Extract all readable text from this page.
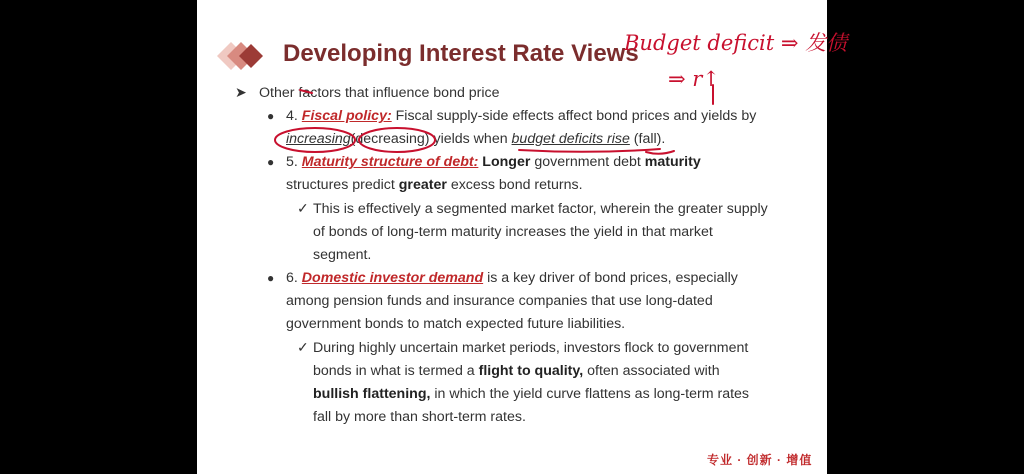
Developing Interest Rate Views
➤ Other factors that influence bond price
● 4. Fiscal policy: Fiscal supply-side effects affect bond prices and yields by
increasing(decreasing) yields when budget deficits rise (fall).
● 5. Maturity structure of debt: Longer government debt maturity
structures predict greater excess bond returns.
✓ This is effectively a segmented market factor, wherein the greater supply
of bonds of long-term maturity increases the yield in that market
segment.
● 6. Domestic investor demand is a key driver of bond prices, especially
among pension funds and insurance companies that use long-dated
government bonds to match expected future liabilities.
✓ During highly uncertain market periods, investors flock to government
bonds in what is termed a flight to quality, often associated with
bullish flattening, in which the yield curve flattens as long-term rates
fall by more than short-term rates.
专业 · 创新 · 增值
Budget deficit ⇒ 发债
⇒ r↑
